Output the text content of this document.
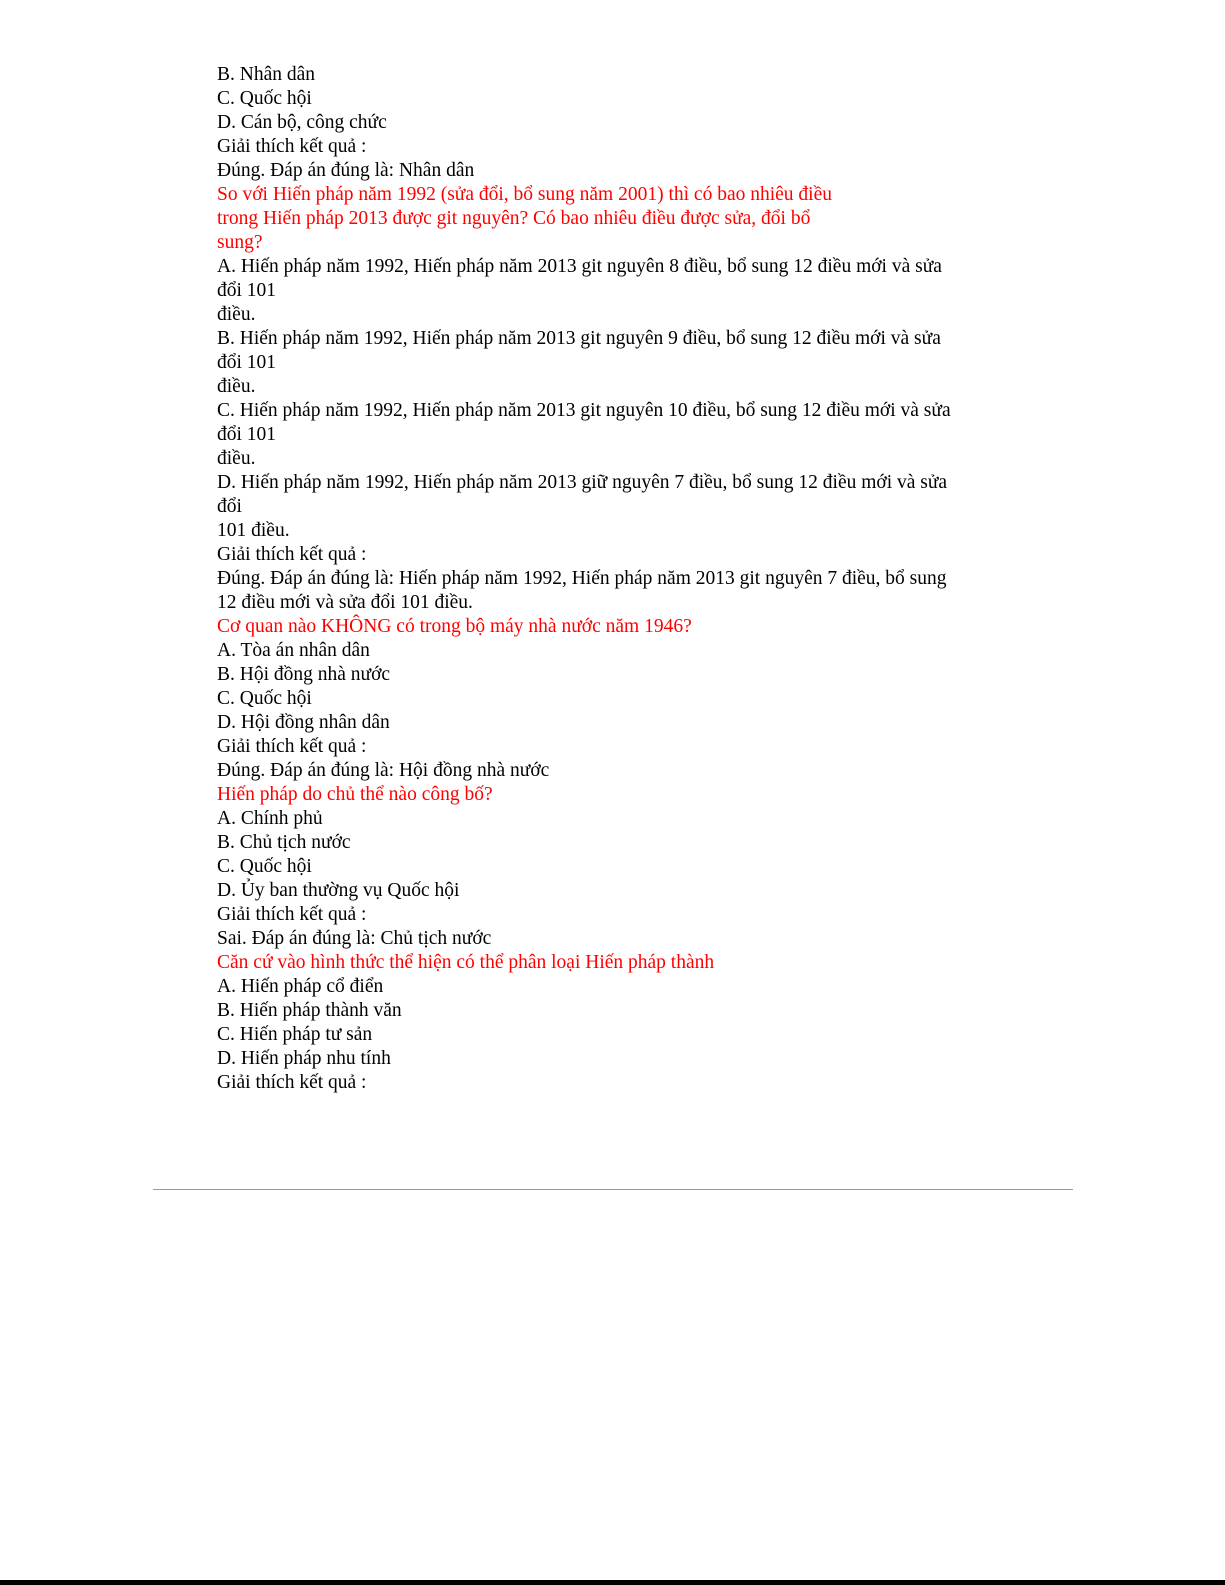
B. Nhân dân
C. Quốc hội
D. Cán bộ, công chức
Giải thích kết quả :
Đúng. Đáp án đúng là: Nhân dân
So với Hiến pháp năm 1992 (sửa đổi, bổ sung năm 2001) thì có bao nhiêu điều
trong Hiến pháp 2013 được git nguyên? Có bao nhiêu điều được sửa, đổi bổ
sung?
A. Hiến pháp năm 1992, Hiến pháp năm 2013 git nguyên 8 điều, bổ sung 12 điều mới và sửa
đổi 101
điều.
B. Hiến pháp năm 1992, Hiến pháp năm 2013 git nguyên 9 điều, bổ sung 12 điều mới và sửa
đổi 101
điều.
C. Hiến pháp năm 1992, Hiến pháp năm 2013 git nguyên 10 điều, bổ sung 12 điều mới và sửa
đổi 101
điều.
D. Hiến pháp năm 1992, Hiến pháp năm 2013 giữ nguyên 7 điều, bổ sung 12 điều mới và sửa
đổi
101 điều.
Giải thích kết quả :
Đúng. Đáp án đúng là: Hiến pháp năm 1992, Hiến pháp năm 2013 git nguyên 7 điều, bổ sung
12 điều mới và sửa đổi 101 điều.
Cơ quan nào KHÔNG có trong bộ máy nhà nước năm 1946?
A. Tòa án nhân dân
B. Hội đồng nhà nước
C. Quốc hội
D. Hội đồng nhân dân
Giải thích kết quả :
Đúng. Đáp án đúng là: Hội đồng nhà nước
Hiến pháp do chủ thể nào công bố?
A. Chính phủ
B. Chủ tịch nước
C. Quốc hội
D. Ủy ban thường vụ Quốc hội
Giải thích kết quả :
Sai. Đáp án đúng là: Chủ tịch nước
Căn cứ vào hình thức thể hiện có thể phân loại Hiến pháp thành
A. Hiến pháp cổ điển
B. Hiến pháp thành văn
C. Hiến pháp tư sản
D. Hiến pháp nhu tính
Giải thích kết quả :
